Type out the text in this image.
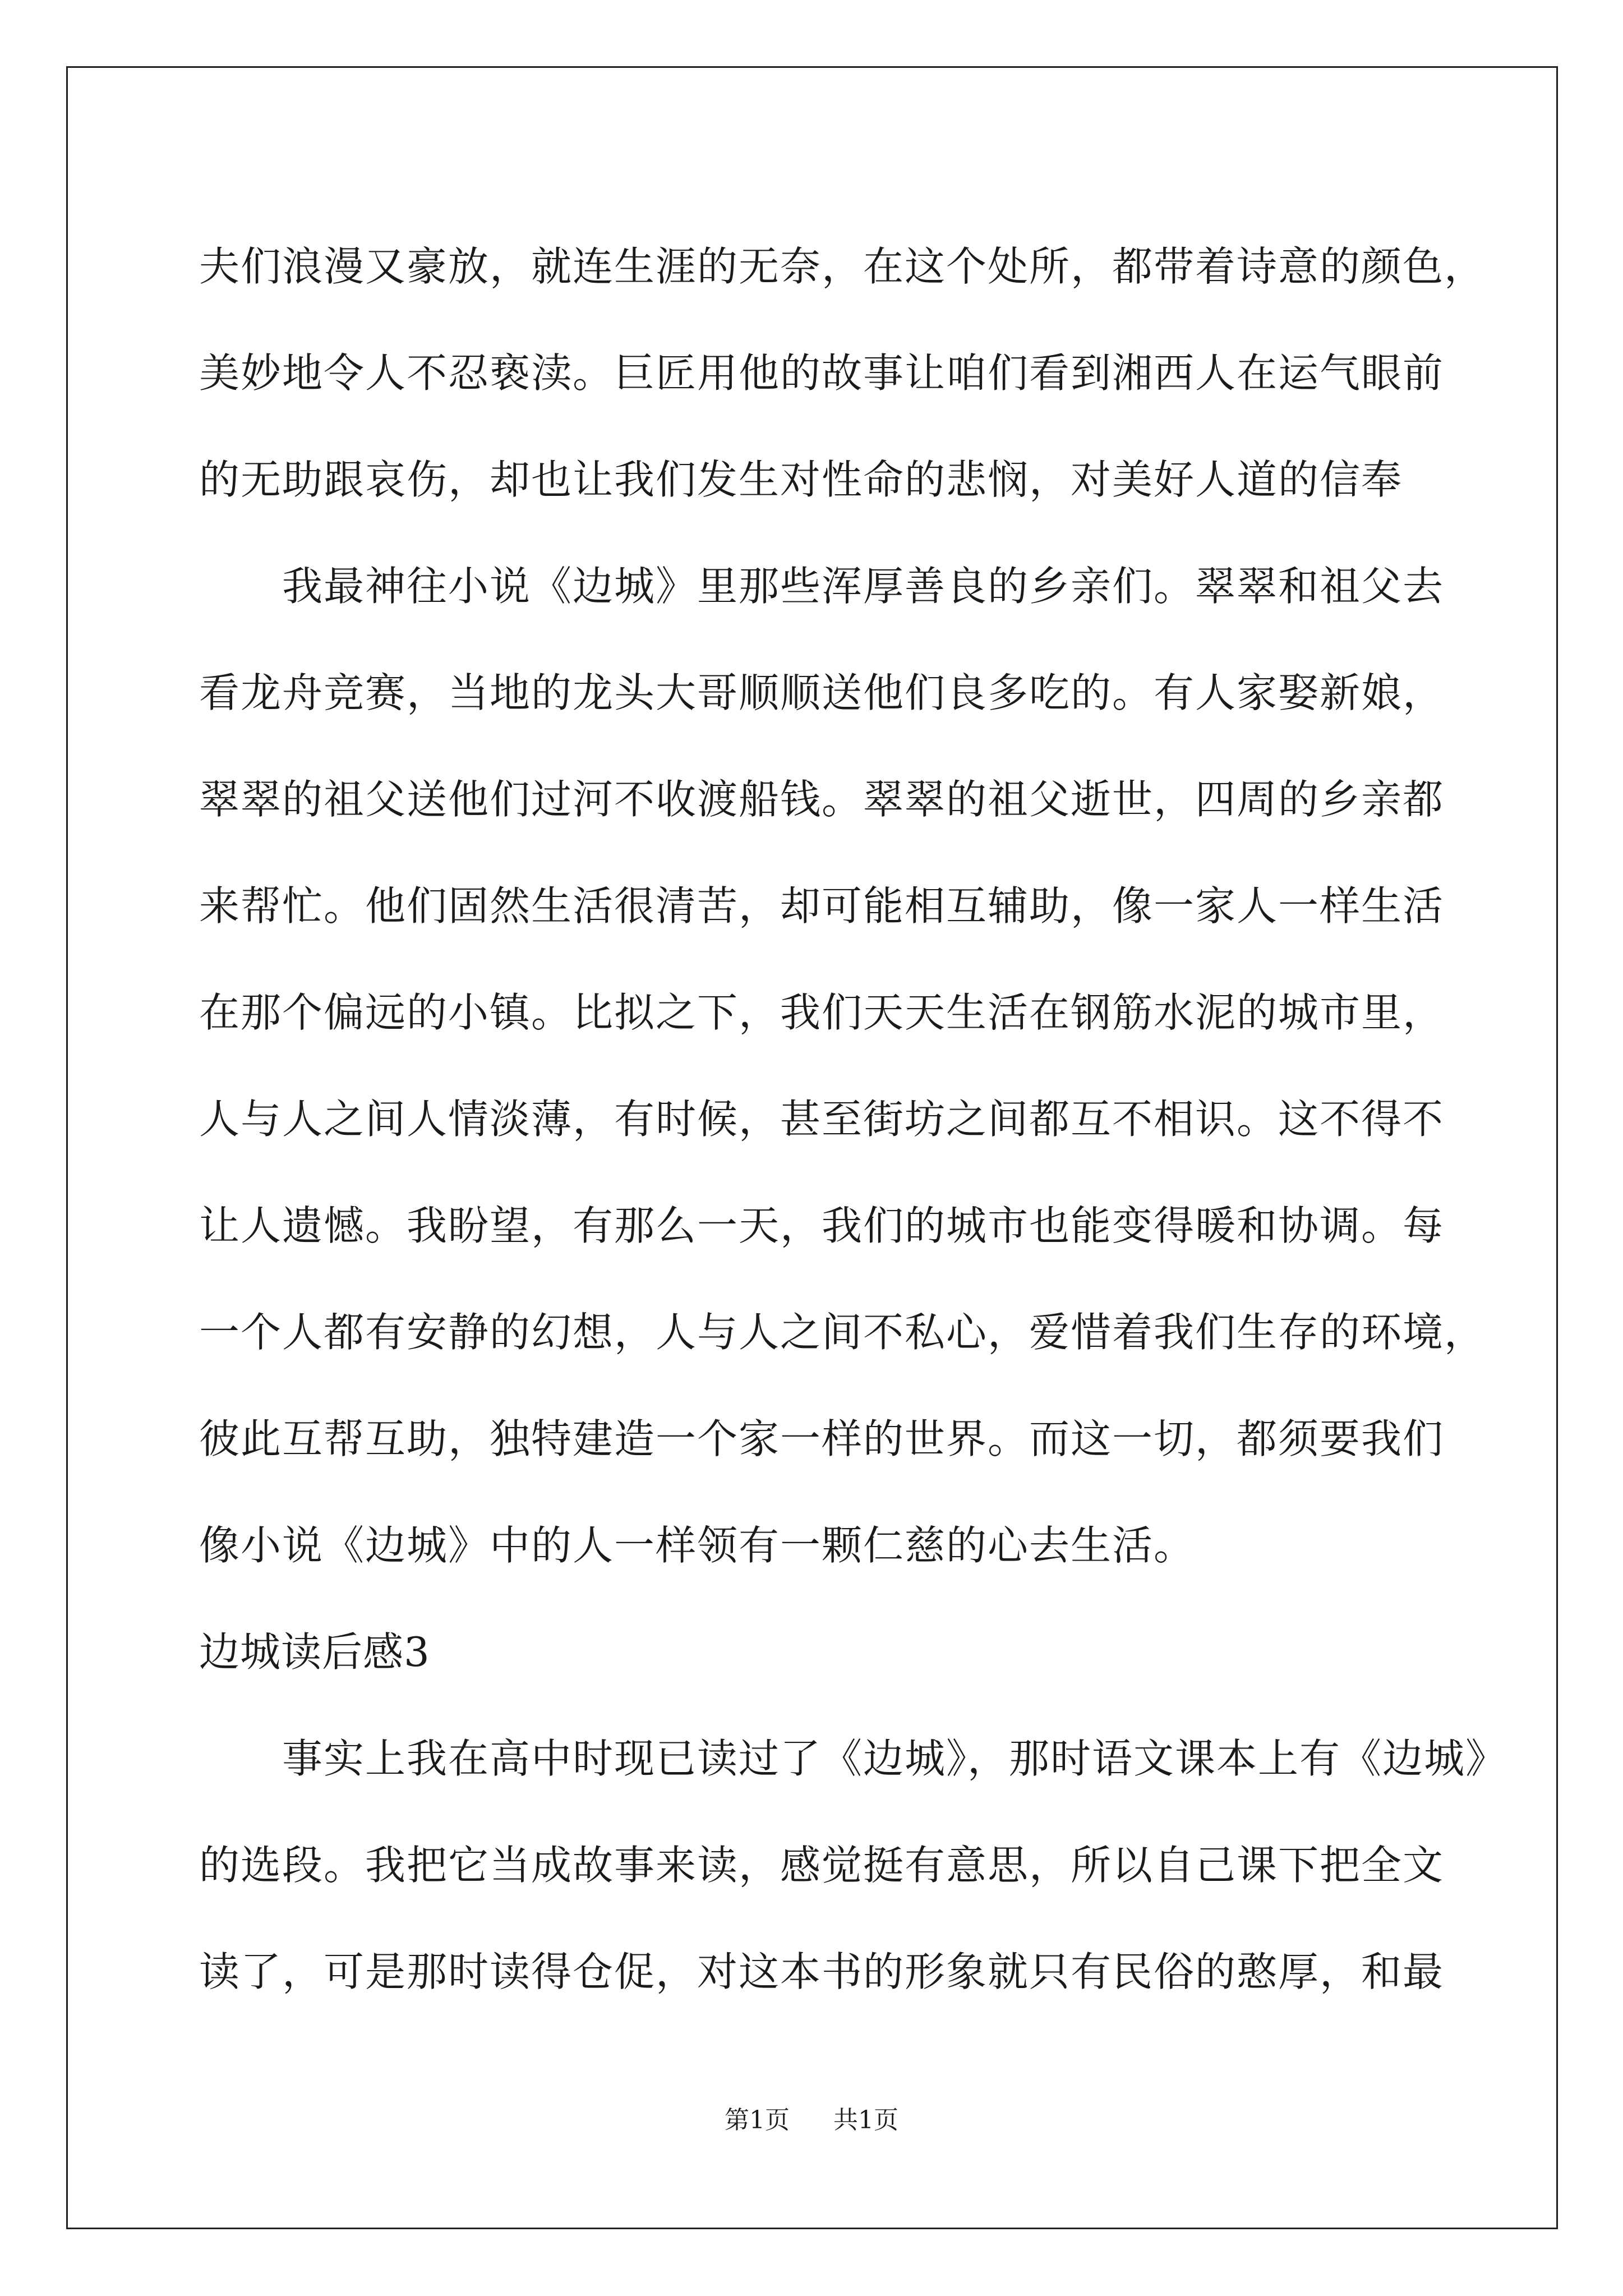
夫们浪漫又豪放，就连生涯的无奈，在这个处所，都带着诗意的颜色，
美妙地令人不忍亵渎。巨匠用他的故事让咱们看到湘西人在运气眼前
的无助跟哀伤，却也让我们发生对性命的悲悯，对美好人道的信奉
我最神往小说《边城》里那些浑厚善良的乡亲们。翠翠和祖父去
看龙舟竞赛，当地的龙头大哥顺顺送他们良多吃的。有人家娶新娘，
翠翠的祖父送他们过河不收渡船钱。翠翠的祖父逝世，四周的乡亲都
来帮忙。他们固然生活很清苦，却可能相互辅助，像一家人一样生活
在那个偏远的小镇。比拟之下，我们天天生活在钢筋水泥的城市里，
人与人之间人情淡薄，有时候，甚至街坊之间都互不相识。这不得不
让人遗憾。我盼望，有那么一天，我们的城市也能变得暖和协调。每
一个人都有安静的幻想，人与人之间不私心，爱惜着我们生存的环境，
彼此互帮互助，独特建造一个家一样的世界。而这一切，都须要我们
像小说《边城》中的人一样领有一颗仁慈的心去生活。
边城读后感3
事实上我在高中时现已读过了《边城》，那时语文课本上有《边城》
的选段。我把它当成故事来读，感觉挺有意思，所以自己课下把全文
读了，可是那时读得仓促，对这本书的形象就只有民俗的憨厚，和最
第1页 共1页
